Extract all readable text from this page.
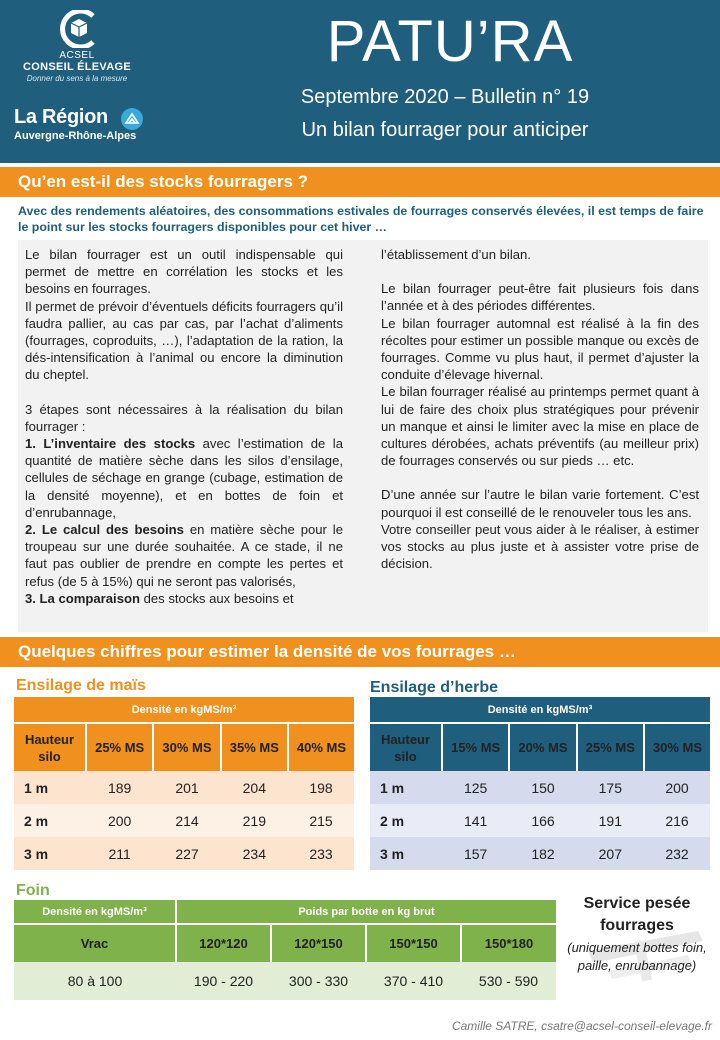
ACSEL
CONSEIL ÉLEVAGE
Donner du sens à la mesure
La Région
Auvergne-Rhône-Alpes
PATU’RA
Septembre 2020 – Bulletin n° 19
Un bilan fourrager pour anticiper
Qu’en est-il des stocks fourragers ?
Avec des rendements aléatoires, des consommations estivales de fourrages conservés élevées, il est temps de faire le point sur les stocks fourragers disponibles pour cet hiver …

Le bilan fourrager est un outil indispensable qui permet de mettre en corrélation les stocks et les besoins en fourrages.

Il permet de prévoir d’éventuels déficits fourragers qu’il faudra pallier, au cas par cas, par l’achat d’aliments (fourrages, coproduits, …), l’adaptation de la ration, la dés-intensification à l’animal ou encore la diminution du cheptel.

3 étapes sont nécessaires à la réalisation du bilan fourrager :

1. L’inventaire des stocks avec l’estimation de la quantité de matière sèche dans les silos d’ensilage, cellules de séchage en grange (cubage, estimation de la densité moyenne), et en bottes de foin et d’enrubannage,

2. Le calcul des besoins en matière sèche pour le troupeau sur une durée souhaitée. A ce stade, il ne faut pas oublier de prendre en compte les pertes et refus (de 5 à 15%) qui ne seront pas valorisés,

3. La comparaison des stocks aux besoins et

l’établissement d’un bilan.

Le bilan fourrager peut-être fait plusieurs fois dans l’année et à des périodes différentes.

Le bilan fourrager automnal est réalisé à la fin des récoltes pour estimer un possible manque ou excès de fourrages. Comme vu plus haut, il permet d’ajuster la conduite d’élevage hivernal.

Le bilan fourrager réalisé au printemps permet quant à lui de faire des choix plus stratégiques pour prévenir un manque et ainsi le limiter avec la mise en place de cultures dérobées, achats préventifs (au meilleur prix) de fourrages conservés ou sur pieds … etc.

D’une année sur l’autre le bilan varie fortement. C’est pourquoi il est conseillé de le renouveler tous les ans.

Votre conseiller peut vous aider à le réaliser, à estimer vos stocks au plus juste et à assister votre prise de décision.

Quelques chiffres pour estimer la densité de vos fourrages …
Ensilage de maïs
Densité en kgMS/m³				
Hauteur silo	25% MS	30% MS	35% MS	40% MS
1 m	189	201	204	198
2 m	200	214	219	215
3 m	211	227	234	233
Ensilage d’herbe
Densité en kgMS/m³				
Hauteur silo	15% MS	20% MS	25% MS	30% MS
1 m	125	150	175	200
2 m	141	166	191	216
3 m	157	182	207	232
Foin
Densité en kgMS/m³	Poids par botte en kg brut			
Vrac	120*120	120*150	150*150	150*180
80 à 100	190 - 220	300 - 330	370 - 410	530 - 590
Service pesée
fourrages
(uniquement bottes foin, paille, enrubannage)
Camille SATRE, csatre@acsel-conseil-elevage.fr
